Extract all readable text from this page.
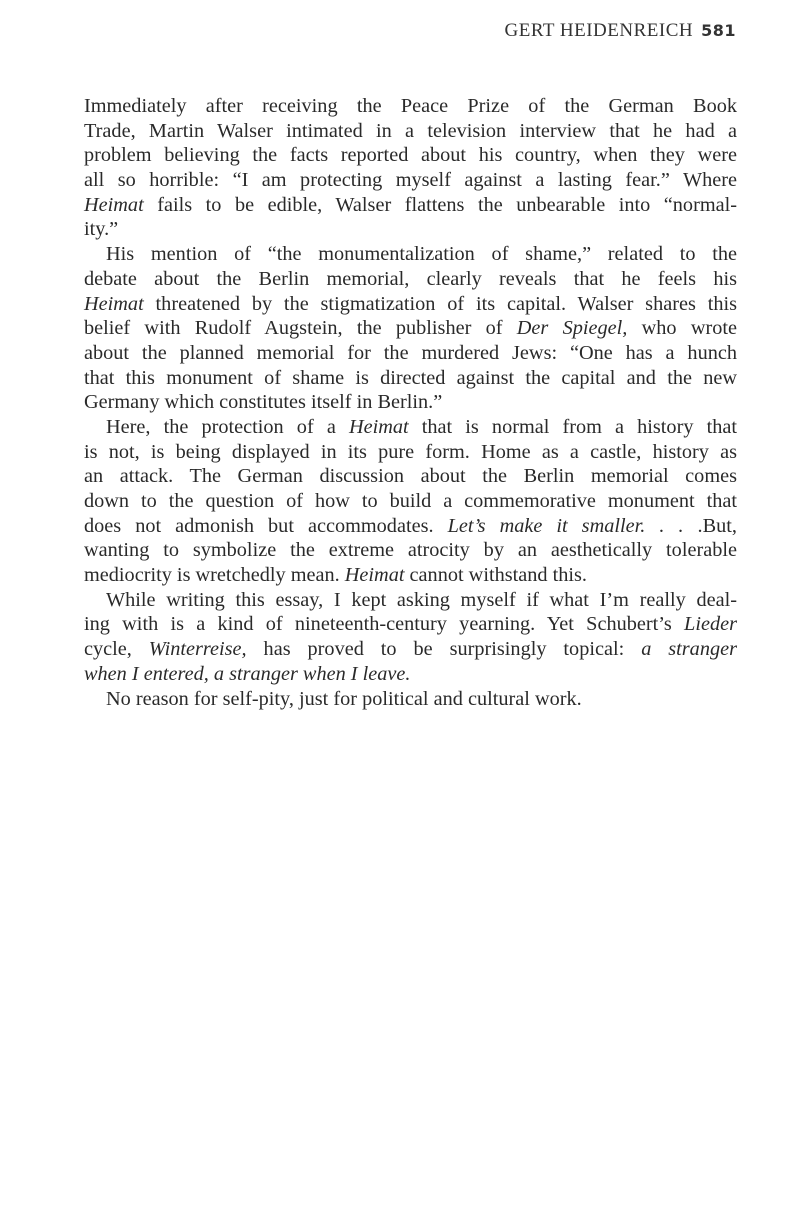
GERT HEIDENREICH 581
Immediately after receiving the Peace Prize of the German Book
Trade, Martin Walser intimated in a television interview that he had a
problem believing the facts reported about his country, when they were
all so horrible: “I am protecting myself against a lasting fear.” Where
Heimat fails to be edible, Walser flattens the unbearable into “normal-
ity.”
His mention of “the monumentalization of shame,” related to the
debate about the Berlin memorial, clearly reveals that he feels his
Heimat threatened by the stigmatization of its capital. Walser shares this
belief with Rudolf Augstein, the publisher of Der Spiegel, who wrote
about the planned memorial for the murdered Jews: “One has a hunch
that this monument of shame is directed against the capital and the new
Germany which constitutes itself in Berlin.”
Here, the protection of a Heimat that is normal from a history that
is not, is being displayed in its pure form. Home as a castle, history as
an attack. The German discussion about the Berlin memorial comes
down to the question of how to build a commemorative monument that
does not admonish but accommodates. Let’s make it smaller. . . .But,
wanting to symbolize the extreme atrocity by an aesthetically tolerable
mediocrity is wretchedly mean. Heimat cannot withstand this.
While writing this essay, I kept asking myself if what I’m really deal-
ing with is a kind of nineteenth-century yearning. Yet Schubert’s Lieder
cycle, Winterreise, has proved to be surprisingly topical: a stranger
when I entered, a stranger when I leave.
No reason for self-pity, just for political and cultural work.
